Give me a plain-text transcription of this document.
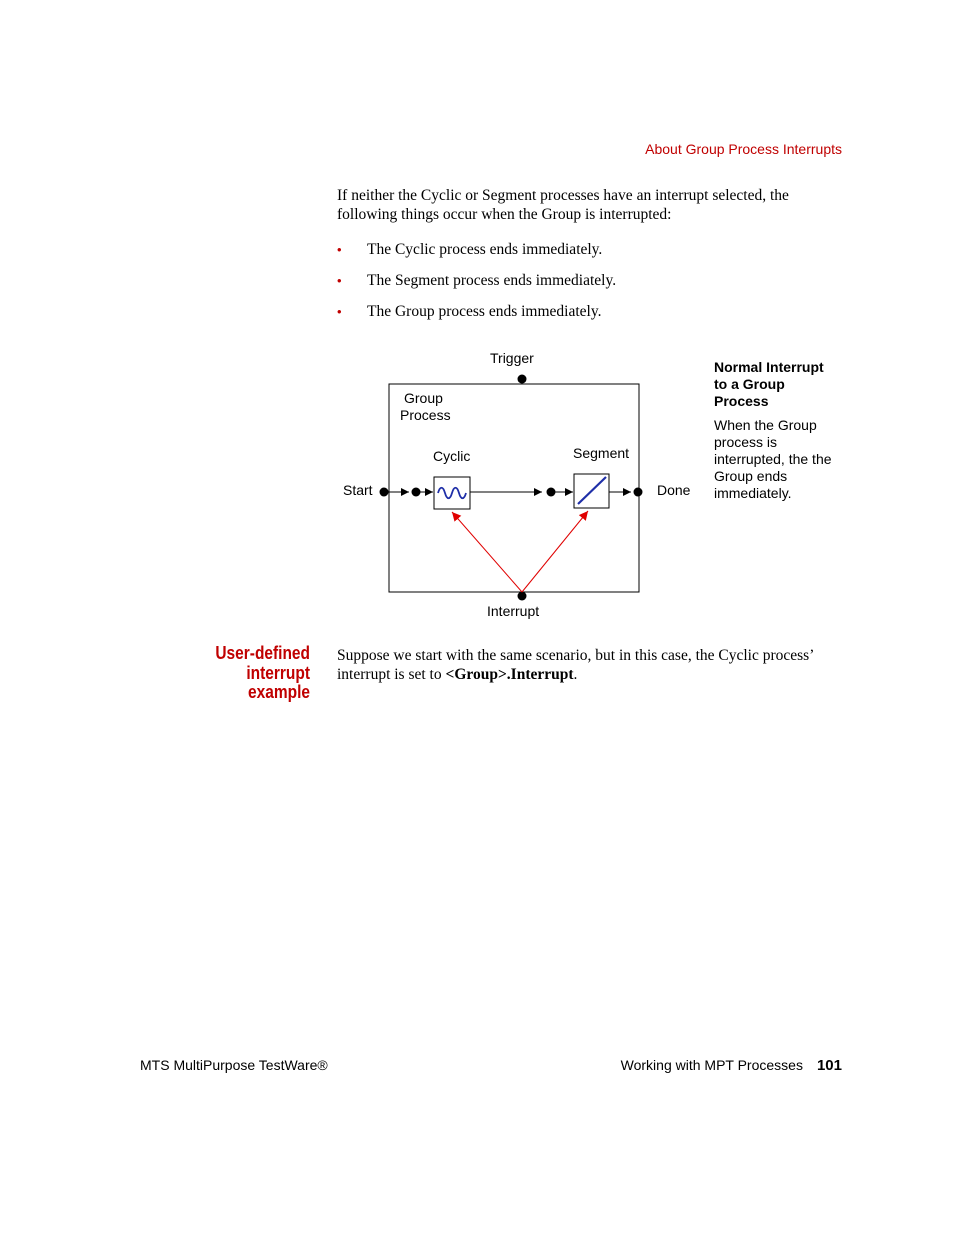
About Group Process Interrupts
If neither the Cyclic or Segment processes have an interrupt selected, the following things occur when the Group is interrupted:
• The Cyclic process ends immediately.
• The Segment process ends immediately.
• The Group process ends immediately.
Trigger
Group
Process
Cyclic	Segment
Start	Done
Interrupt
Normal Interrupt to a Group Process
When the Group process is interrupted, the the Group ends immediately.
User-defined interrupt
example
Suppose we start with the same scenario, but in this case, the Cyclic process’ interrupt is set to <Group>.Interrupt.
MTS MultiPurpose TestWare®	Working with MPT Processes 101
